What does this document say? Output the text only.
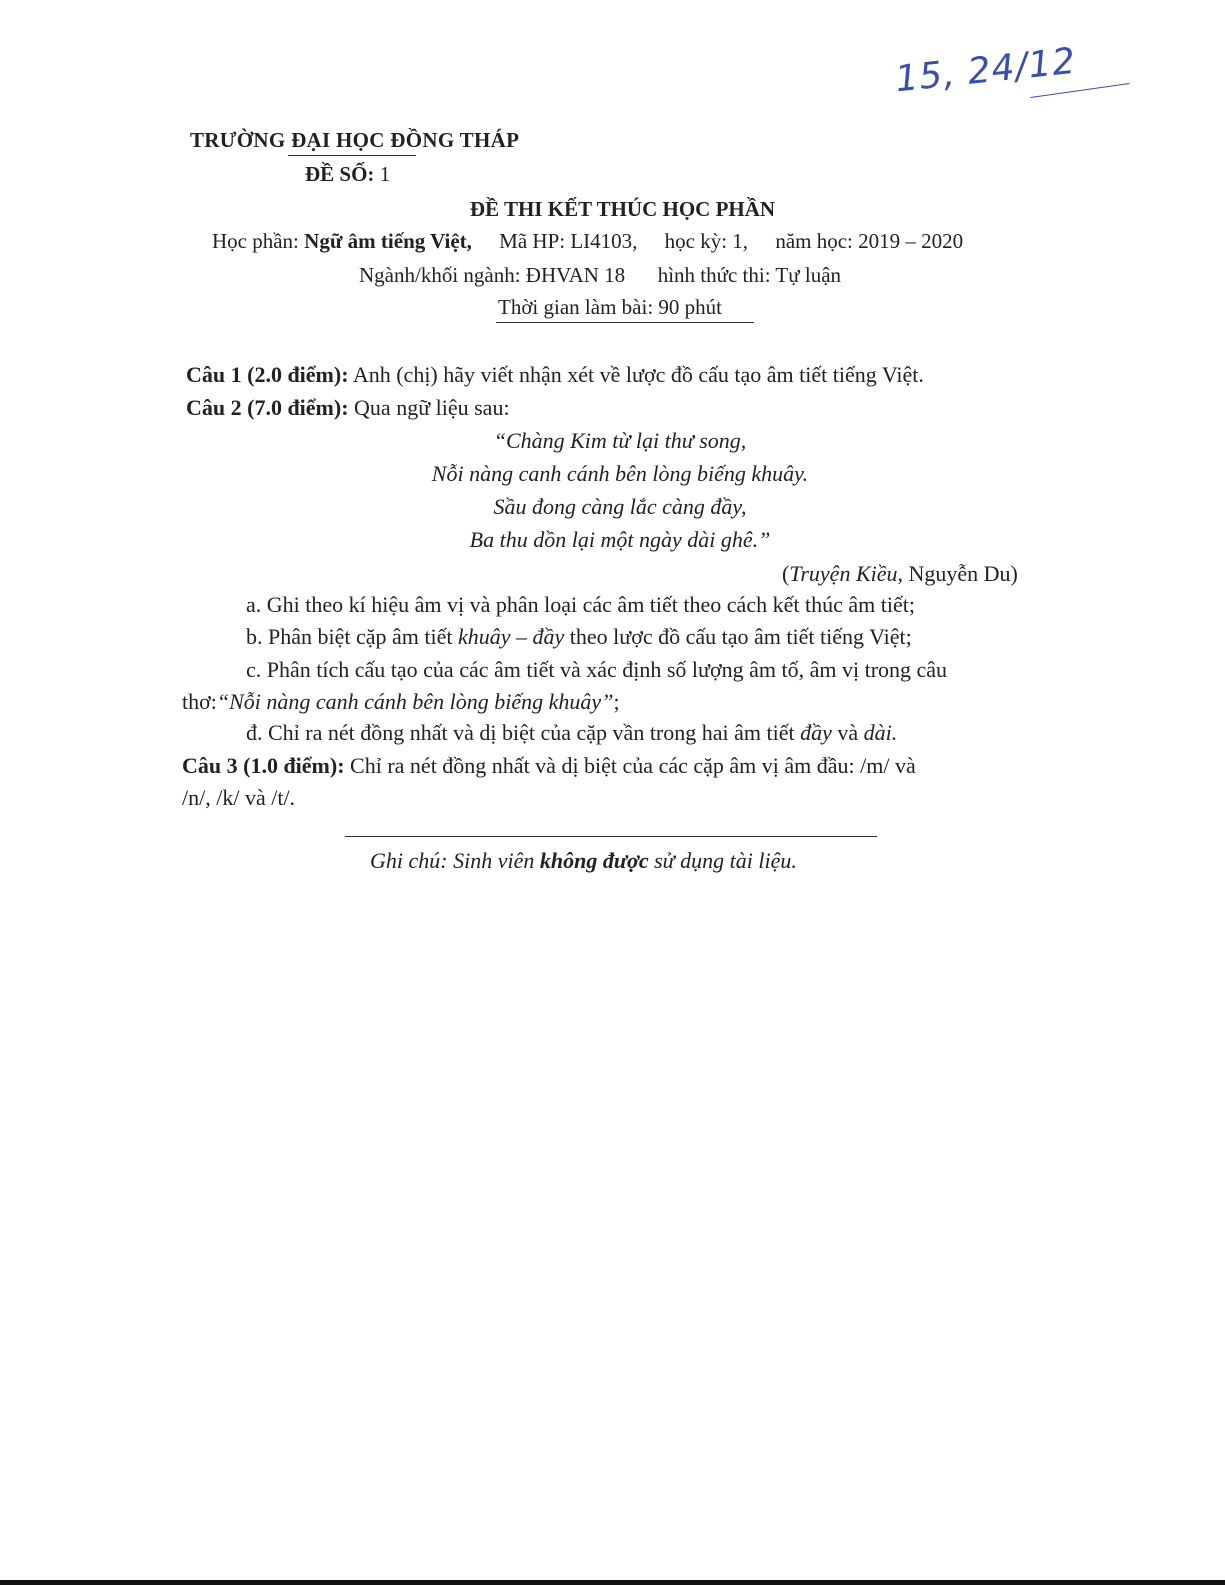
15, 24/12
TRƯỜNG ĐẠI HỌC ĐỒNG THÁP
ĐỀ SỐ: 1
ĐỀ THI KẾT THÚC HỌC PHẦN
Học phần: Ngữ âm tiếng Việt, Mã HP: LI4103, học kỳ: 1, năm học: 2019 – 2020
Ngành/khối ngành: ĐHVAN 18 hình thức thi: Tự luận
Thời gian làm bài: 90 phút
Câu 1 (2.0 điểm): Anh (chị) hãy viết nhận xét về lược đồ cấu tạo âm tiết tiếng Việt.
Câu 2 (7.0 điểm): Qua ngữ liệu sau:
“Chàng Kim từ lại thư song,
Nỗi nàng canh cánh bên lòng biếng khuây.
Sầu đong càng lắc càng đầy,
Ba thu dồn lại một ngày dài ghê.”
(Truyện Kiều, Nguyễn Du)
a. Ghi theo kí hiệu âm vị và phân loại các âm tiết theo cách kết thúc âm tiết;
b. Phân biệt cặp âm tiết khuây – đầy theo lược đồ cấu tạo âm tiết tiếng Việt;
c. Phân tích cấu tạo của các âm tiết và xác định số lượng âm tố, âm vị trong câu
thơ:“Nỗi nàng canh cánh bên lòng biếng khuây”;
đ. Chỉ ra nét đồng nhất và dị biệt của cặp vần trong hai âm tiết đầy và dài.
Câu 3 (1.0 điểm): Chỉ ra nét đồng nhất và dị biệt của các cặp âm vị âm đầu: /m/ và
/n/, /k/ và /t/.
Ghi chú: Sinh viên không được sử dụng tài liệu.
